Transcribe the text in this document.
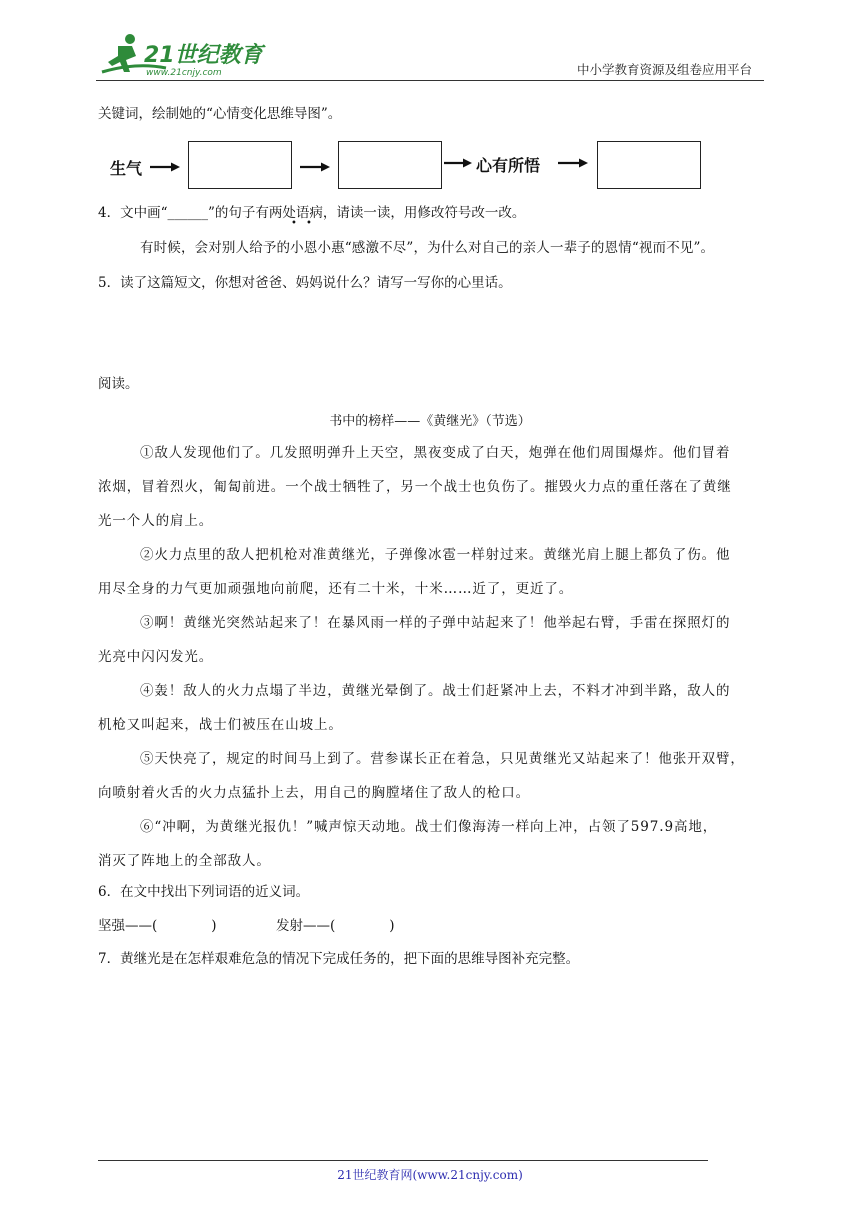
21世纪教育
www.21cnjy.com	中小学教育资源及组卷应用平台
关键词，绘制她的“心情变化思维导图”。
生气	心有所悟
4．文中画“______”的句子有两处语病，请读一读，用修改符号改一改。
• •
有时候，会对别人给予的小恩小惠“感激不尽”，为什么对自己的亲人一辈子的恩情“视而不见”。
5．读了这篇短文，你想对爸爸、妈妈说什么？请写一写你的心里话。
阅读。
书中的榜样——《黄继光》（节选）
①敌人发现他们了。几发照明弹升上天空，黑夜变成了白天，炮弹在他们周围爆炸。他们冒着
浓烟，冒着烈火，匍匐前进。一个战士牺牲了，另一个战士也负伤了。摧毁火力点的重任落在了黄继
光一个人的肩上。
②火力点里的敌人把机枪对准黄继光，子弹像冰雹一样射过来。黄继光肩上腿上都负了伤。他
用尽全身的力气更加顽强地向前爬，还有二十米，十米……近了，更近了。
③啊！黄继光突然站起来了！在暴风雨一样的子弹中站起来了！他举起右臂，手雷在探照灯的
光亮中闪闪发光。
④轰！敌人的火力点塌了半边，黄继光晕倒了。战士们赶紧冲上去，不料才冲到半路，敌人的
机枪又叫起来，战士们被压在山坡上。
⑤天快亮了，规定的时间马上到了。营参谋长正在着急，只见黄继光又站起来了！他张开双臂，
向喷射着火舌的火力点猛扑上去，用自己的胸膛堵住了敌人的枪口。
⑥“冲啊，为黄继光报仇！”喊声惊天动地。战士们像海涛一样向上冲，占领了597.9高地，
消灭了阵地上的全部敌人。
6．在文中找出下列词语的近义词。
坚强——(　　　　)	发射——(　　　　)
7．黄继光是在怎样艰难危急的情况下完成任务的，把下面的思维导图补充完整。
21世纪教育网(www.21cnjy.com)
